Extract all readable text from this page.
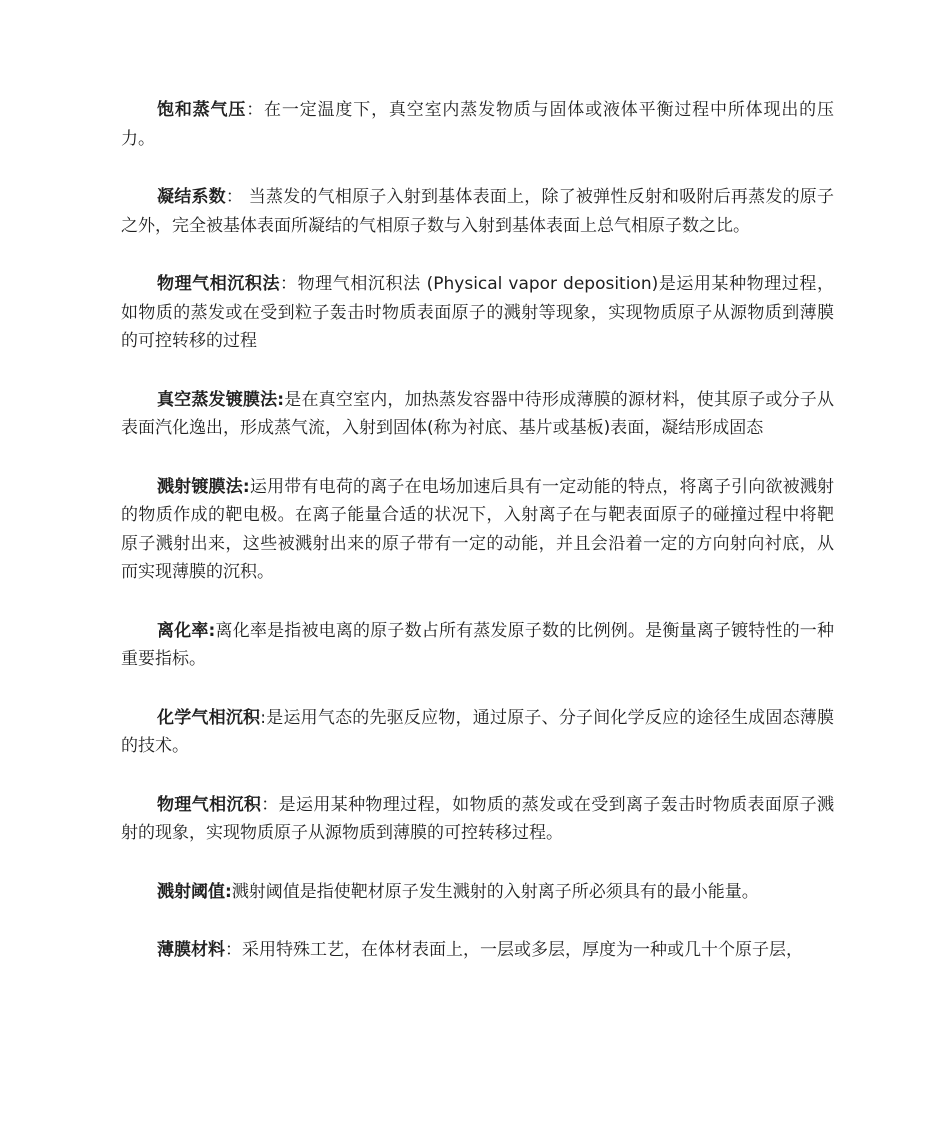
饱和蒸气压：在一定温度下，真空室内蒸发物质与固体或液体平衡过程中所体现出的压力。

凝结系数： 当蒸发的气相原子入射到基体表面上，除了被弹性反射和吸附后再蒸发的原子之外，完全被基体表面所凝结的气相原子数与入射到基体表面上总气相原子数之比。

物理气相沉积法：物理气相沉积法 (Physical vapor deposition)是运用某种物理过程，如物质的蒸发或在受到粒子轰击时物质表面原子的溅射等现象，实现物质原子从源物质到薄膜的可控转移的过程

真空蒸发镀膜法:是在真空室内，加热蒸发容器中待形成薄膜的源材料，使其原子或分子从表面汽化逸出，形成蒸气流，入射到固体(称为衬底、基片或基板)表面，凝结形成固态

溅射镀膜法:运用带有电荷的离子在电场加速后具有一定动能的特点，将离子引向欲被溅射的物质作成的靶电极。在离子能量合适的状况下，入射离子在与靶表面原子的碰撞过程中将靶原子溅射出来，这些被溅射出来的原子带有一定的动能，并且会沿着一定的方向射向衬底，从而实现薄膜的沉积。

离化率:离化率是指被电离的原子数占所有蒸发原子数的比例例。是衡量离子镀特性的一种重要指标。

化学气相沉积:是运用气态的先驱反应物，通过原子、分子间化学反应的途径生成固态薄膜的技术。

物理气相沉积：是运用某种物理过程，如物质的蒸发或在受到离子轰击时物质表面原子溅射的现象，实现物质原子从源物质到薄膜的可控转移过程。

溅射阈值:溅射阈值是指使靶材原子发生溅射的入射离子所必须具有的最小能量。

薄膜材料：采用特殊工艺，在体材表面上，一层或多层，厚度为一种或几十个原子层，
